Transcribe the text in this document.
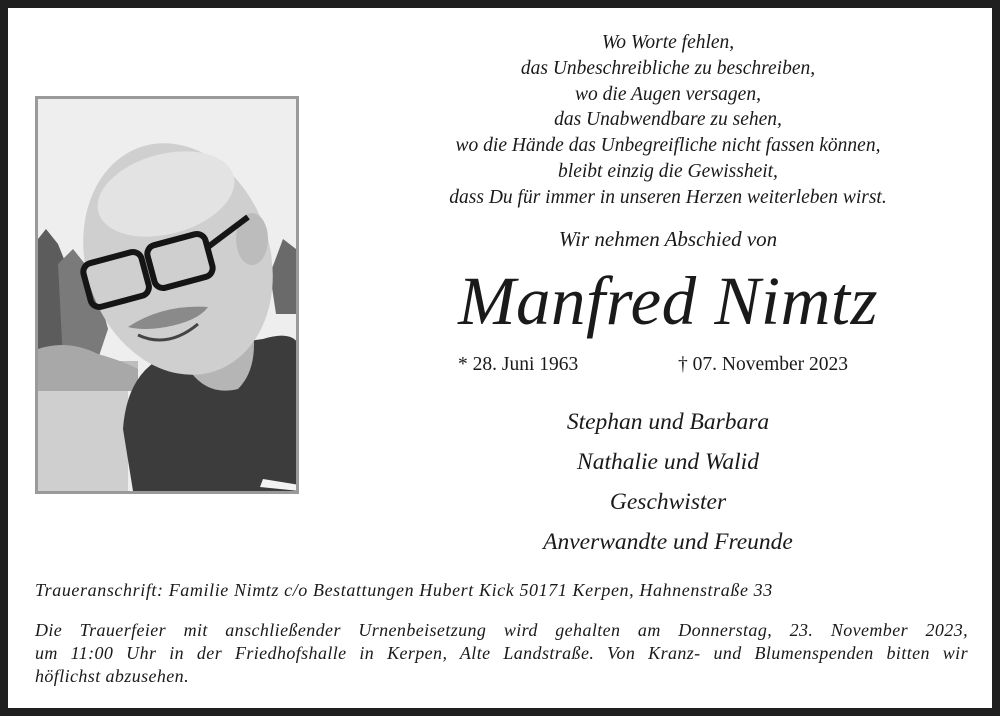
Wo Worte fehlen,
das Unbeschreibliche zu beschreiben,
wo die Augen versagen,
das Unabwendbare zu sehen,
wo die Hände das Unbegreifliche nicht fassen können,
bleibt einzig die Gewissheit,
dass Du für immer in unseren Herzen weiterleben wirst.
Wir nehmen Abschied von
Manfred Nimtz
* 28. Juni 1963	† 07. November 2023
Stephan und Barbara
Nathalie und Walid
Geschwister
Anverwandte und Freunde
Traueranschrift: Familie Nimtz c/o Bestattungen Hubert Kick 50171 Kerpen, Hahnenstraße 33
Die Trauerfeier mit anschließender Urnenbeisetzung wird gehalten am Donnerstag, 23. November 2023,
um 11:00 Uhr in der Friedhofshalle in Kerpen, Alte Landstraße. Von Kranz- und Blumenspenden bitten wir
höflichst abzusehen.
